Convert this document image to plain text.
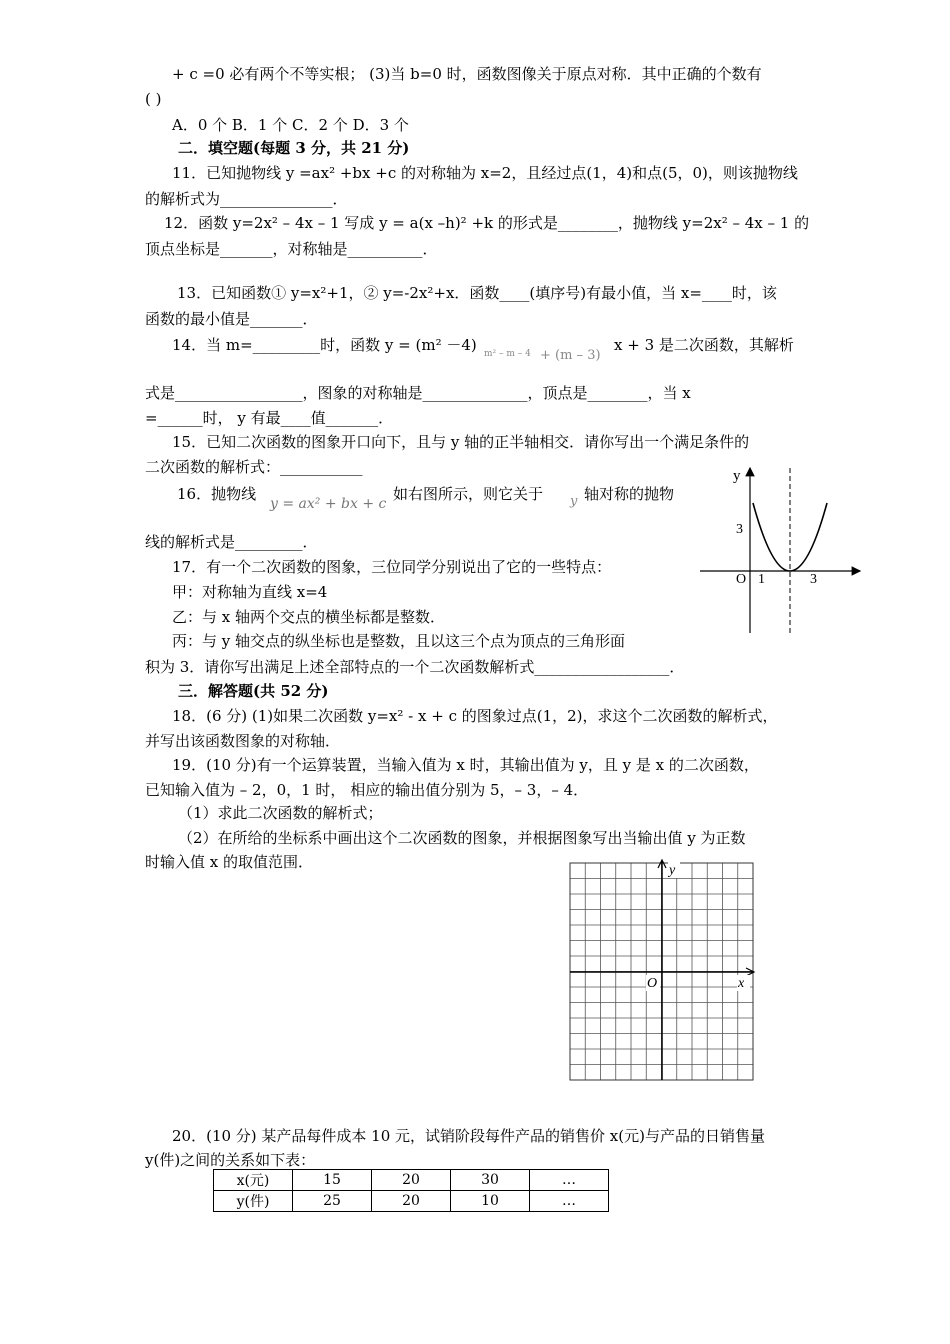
+ c =0 必有两个不等实根； (3)当 b=0 时，函数图像关于原点对称．其中正确的个数有
( )
A．0 个 B．1 个 C．2 个 D．3 个
二．填空题(每题 3 分，共 21 分)
11．已知抛物线 y =ax² +bx +c 的对称轴为 x=2，且经过点(1，4)和点(5，0)，则该抛物线
的解析式为_______________．
12．函数 y=2x² – 4x – 1 写成 y = a(x –h)² +k 的形式是________，抛物线 y=2x² – 4x – 1 的
顶点坐标是_______，对称轴是__________．
13．已知函数① y=x²+1，② y=-2x²+x．函数____(填序号)有最小值，当 x=____时，该
函数的最小值是_______．
14．当 m=_________时，函数 y = (m² －4) m² – m – 4 + (m – 3)
x + 3 是二次函数，其解析
式是_________________，图象的对称轴是______________，顶点是________，当 x
=______时， y 有最____值_______．
15．已知二次函数的图象开口向下，且与 y 轴的正半轴相交．请你写出一个满足条件的
二次函数的解析式：___________
16．抛物线
y = ax² + bx + c
如右图所示，则它关于 y 轴对称的抛物
线的解析式是_________．
y
3
O 1	3
17．有一个二次函数的图象，三位同学分别说出了它的一些特点：
甲：对称轴为直线 x=4
乙：与 x 轴两个交点的横坐标都是整数．
丙：与 y 轴交点的纵坐标也是整数，且以这三个点为顶点的三角形面
积为 3．请你写出满足上述全部特点的一个二次函数解析式__________________．
三．解答题(共 52 分)
18．(6 分) (1)如果二次函数 y=x² - x + c 的图象过点(1，2)，求这个二次函数的解析式，
并写出该函数图象的对称轴．
19．(10 分)有一个运算装置，当输入值为 x 时，其输出值为 y，且 y 是 x 的二次函数，
已知输入值为 – 2，0，1 时， 相应的输出值分别为 5，– 3，– 4．
（1）求此二次函数的解析式；
（2）在所给的坐标系中画出这个二次函数的图象，并根据图象写出当输出值 y 为正数
时输入值 x 的取值范围．	y
x
O
20．(10 分) 某产品每件成本 10 元，试销阶段每件产品的销售价 x(元)与产品的日销售量
y(件)之间的关系如下表：
x(元)	15	20	30	…
y(件)	25	20	10	…
